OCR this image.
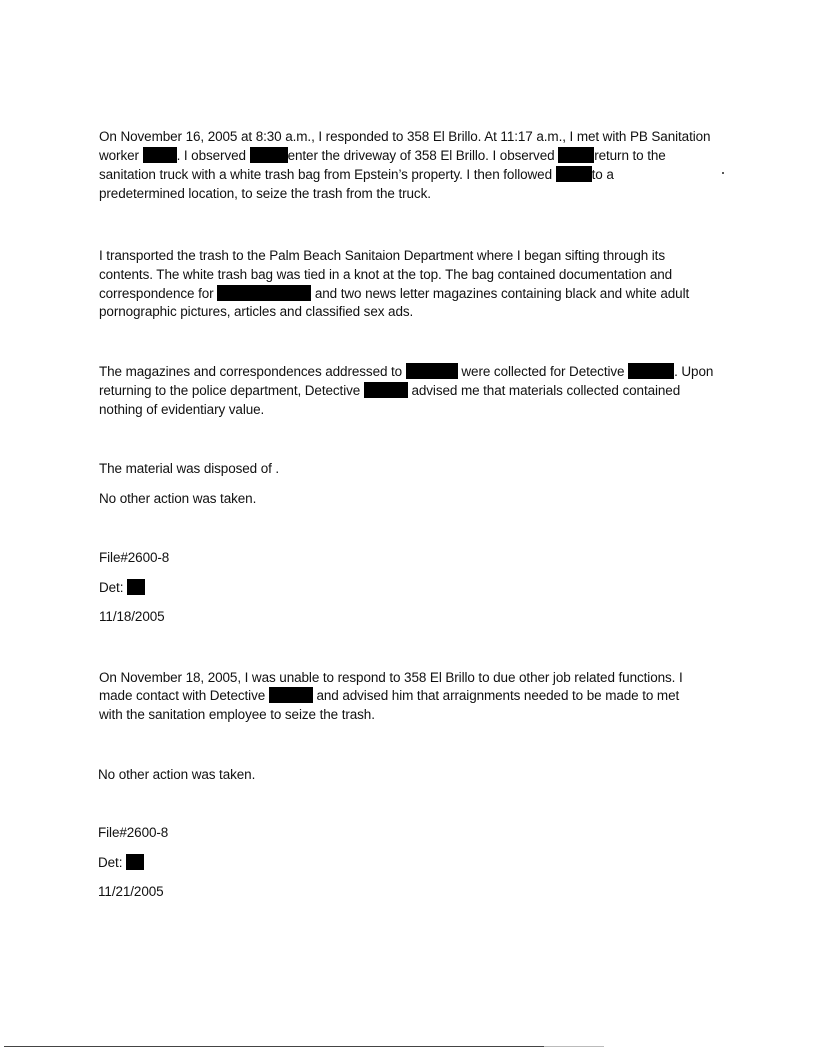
On November 16, 2005 at 8:30 a.m., I responded to 358 El Brillo. At 11:17 a.m., I met with PB Sanitation
worker	. I observed	enter the driveway of 358 El Brillo. I observed	return to the
sanitation truck with a white trash bag from Epstein’s property. I then followed	to a
predetermined location, to seize the trash from the truck.
I transported the trash to the Palm Beach Sanitaion Department where I began sifting through its
contents. The white trash bag was tied in a knot at the top. The bag contained documentation and
correspondence for	and two news letter magazines containing black and white adult
pornographic pictures, articles and classified sex ads.
The magazines and correspondences addressed to	were collected for Detective	. Upon
returning to the police department, Detective	advised me that materials collected contained
nothing of evidentiary value.
The material was disposed of .
No other action was taken.
File#2600-8
Det:
11/18/2005
On November 18, 2005, I was unable to respond to 358 El Brillo to due other job related functions. I
made contact with Detective	and advised him that arraignments needed to be made to met
with the sanitation employee to seize the trash.
No other action was taken.
File#2600-8
Det:
11/21/2005
